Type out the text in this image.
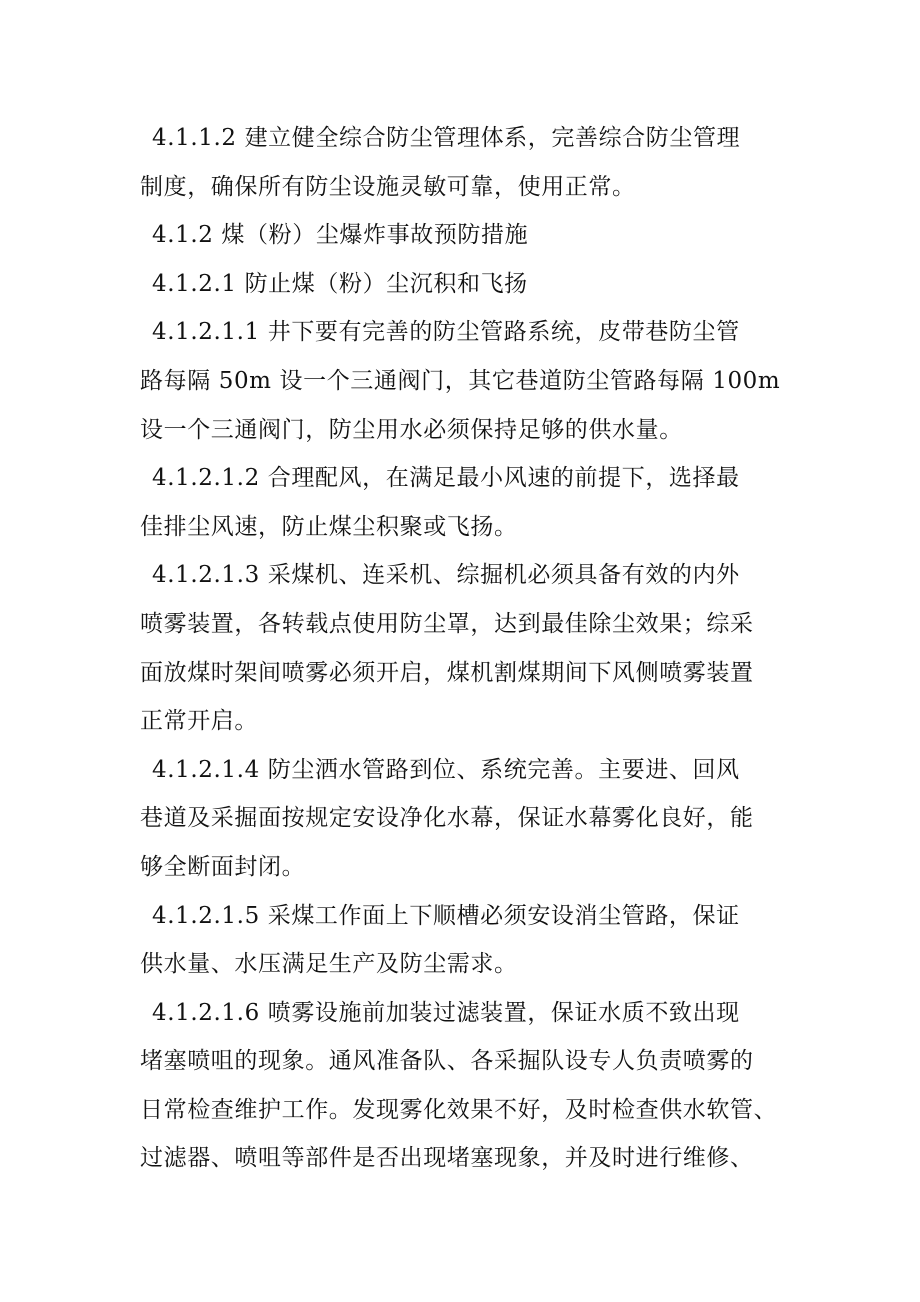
4.1.1.2 建立健全综合防尘管理体系，完善综合防尘管理
制度，确保所有防尘设施灵敏可靠，使用正常。

4.1.2 煤（粉）尘爆炸事故预防措施

4.1.2.1 防止煤（粉）尘沉积和飞扬

4.1.2.1.1 井下要有完善的防尘管路系统，皮带巷防尘管
路每隔 50m 设一个三通阀门，其它巷道防尘管路每隔 100m
设一个三通阀门，防尘用水必须保持足够的供水量。

4.1.2.1.2 合理配风，在满足最小风速的前提下，选择最
佳排尘风速，防止煤尘积聚或飞扬。

4.1.2.1.3 采煤机、连采机、综掘机必须具备有效的内外
喷雾装置，各转载点使用防尘罩，达到最佳除尘效果；综采
面放煤时架间喷雾必须开启，煤机割煤期间下风侧喷雾装置
正常开启。

4.1.2.1.4 防尘洒水管路到位、系统完善。主要进、回风
巷道及采掘面按规定安设净化水幕，保证水幕雾化良好，能
够全断面封闭。

4.1.2.1.5 采煤工作面上下顺槽必须安设消尘管路，保证
供水量、水压满足生产及防尘需求。

4.1.2.1.6 喷雾设施前加装过滤装置，保证水质不致出现
堵塞喷咀的现象。通风准备队、各采掘队设专人负责喷雾的
日常检查维护工作。发现雾化效果不好，及时检查供水软管、
过滤器、喷咀等部件是否出现堵塞现象，并及时进行维修、
